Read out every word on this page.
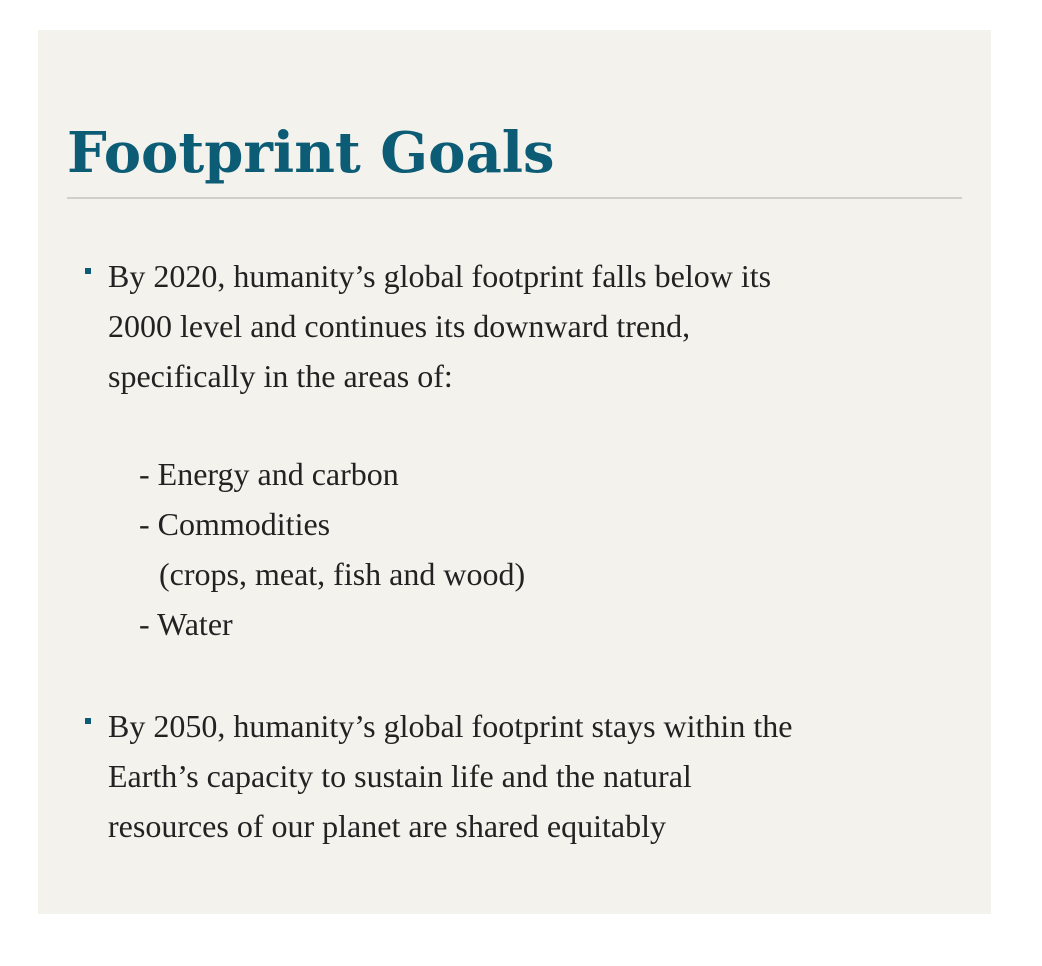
Footprint Goals
By 2020, humanity’s global footprint falls below its
2000 level and continues its downward trend,
specifically in the areas of:
- Energy and carbon
- Commodities
(crops, meat, fish and wood)
- Water
By 2050, humanity’s global footprint stays within the
Earth’s capacity to sustain life and the natural
resources of our planet are shared equitably
